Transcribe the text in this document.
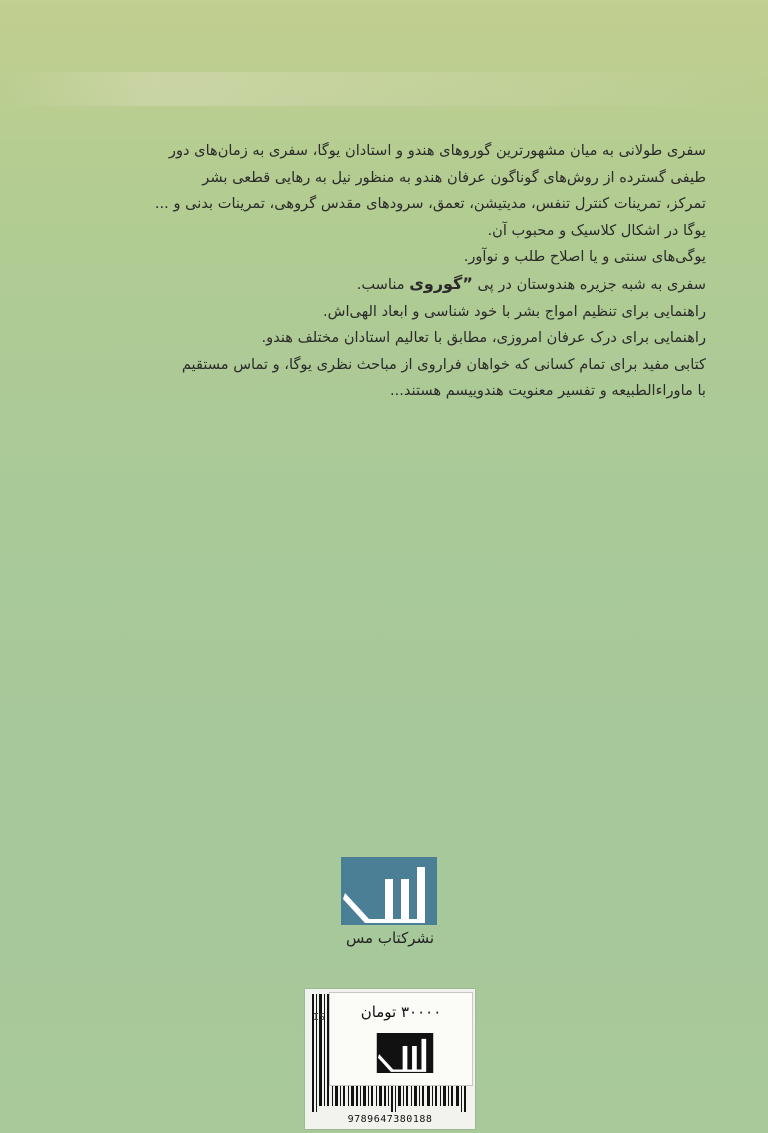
سفری طولانی به میان مشهورترین گوروهای هندو و استادان یوگا، سفری به زمان‌های دور

طیفی گسترده از روش‌های گوناگون عرفان هندو به منظور نیل به رهایی قطعی بشر

تمرکز، تمرینات کنترل تنفس، مدیتیشن، تعمق، سرودهای مقدس گروهی، تمرینات بدنی و ...

یوگا در اشکال کلاسیک و محبوب آن.

یوگی‌های سنتی و یا اصلاح طلب و نوآور.

سفری به شبه جزیره هندوستان در پی ”گوروی مناسب.

راهنمایی برای تنظیم امواج بشر با خود شناسی و ابعاد الهی‌اش.

راهنمایی برای درک عرفان امروزی، مطابق با تعالیم استادان مختلف هندو.

کتابی مفید برای تمام کسانی که خواهان فراروی از مباحث نظری یوگا، و تماس مستقیم

با ماوراءالطبیعه و تفسیر معنویت هندوییسم هستند...

نشرکتاب مس
IS
9789647380188
۳۰۰۰۰ تومان
